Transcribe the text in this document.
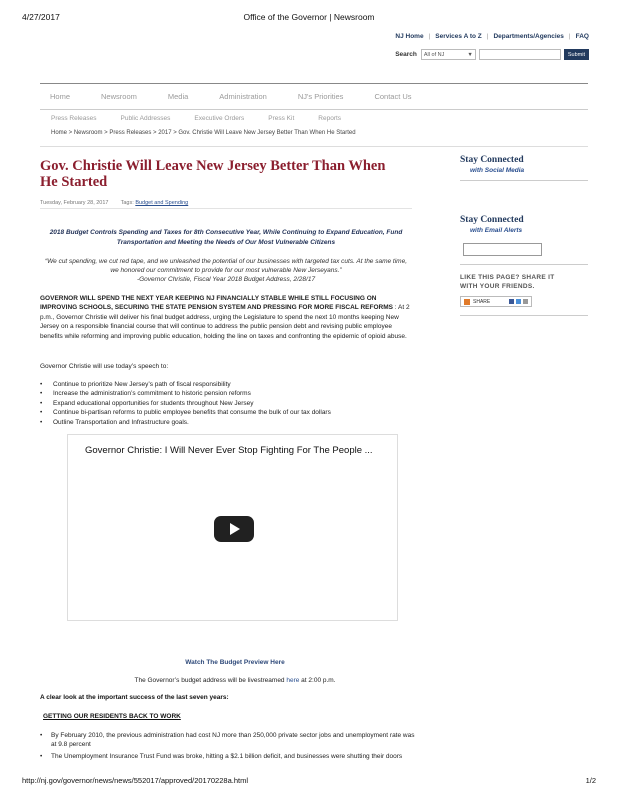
4/27/2017	Office of the Governor | Newsroom
NJ Home | Services A to Z | Departments/Agencies | FAQ
Search All of NJ	▼	Submit
Home	Newsroom	Media	Administration	NJ's Priorities	Contact Us
Press Releases	Public Addresses	Executive Orders	Press Kit	Reports
Home > Newsroom > Press Releases > 2017 > Gov. Christie Will Leave New Jersey Better Than When He Started
Gov. Christie Will Leave New Jersey Better Than When He Started
Tuesday, February 28, 2017 Tags: Budget and Spending
2018 Budget Controls Spending and Taxes for 8th Consecutive Year, While Continuing to Expand Education, Fund Transportation and Meeting the Needs of Our Most Vulnerable Citizens
“We cut spending, we cut red tape, and we unleashed the potential of our businesses with targeted tax cuts. At the same time, we honored our commitment to provide for our most vulnerable New Jerseyans.”
-Governor Christie, Fiscal Year 2018 Budget Address, 2/28/17

GOVERNOR WILL SPEND THE NEXT YEAR KEEPING NJ FINANCIALLY STABLE WHILE STILL FOCUSING ON IMPROVING SCHOOLS, SECURING THE STATE PENSION SYSTEM AND PRESSING FOR MORE FISCAL REFORMS : At 2 p.m., Governor Christie will deliver his final budget address, urging the Legislature to spend the next 10 months keeping New Jersey on a responsible financial course that will continue to address the public pension debt and revising public employee benefits while reforming and improving public education, holding the line on taxes and confronting the epidemic of opioid abuse.

Governor Christie will use today’s speech to:
• Continue to prioritize New Jersey’s path of fiscal responsibility
• Increase the administration’s commitment to historic pension reforms
• Expand educational opportunities for students throughout New Jersey
• Continue bi-partisan reforms to public employee benefits that consume the bulk of our tax dollars
• Outline Transportation and Infrastructure goals.
Governor Christie: I Will Never Ever Stop Fighting For The People ...
Watch The Budget Preview Here
The Governor’s budget address will be livestreamed here at 2:00 p.m.
A clear look at the important success of the last seven years:
GETTING OUR RESIDENTS BACK TO WORK
• By February 2010, the previous administration had cost NJ more than 250,000 private sector jobs and unemployment rate was at 9.8 percent
• The Unemployment Insurance Trust Fund was broke, hitting a $2.1 billion deficit, and businesses were shutting their doors
Stay Connected
with Social Media
Stay Connected
with Email Alerts
LIKE THIS PAGE? SHARE IT
WITH YOUR FRIENDS.
SHARE
http://nj.gov/governor/news/news/552017/approved/20170228a.html	1/2
